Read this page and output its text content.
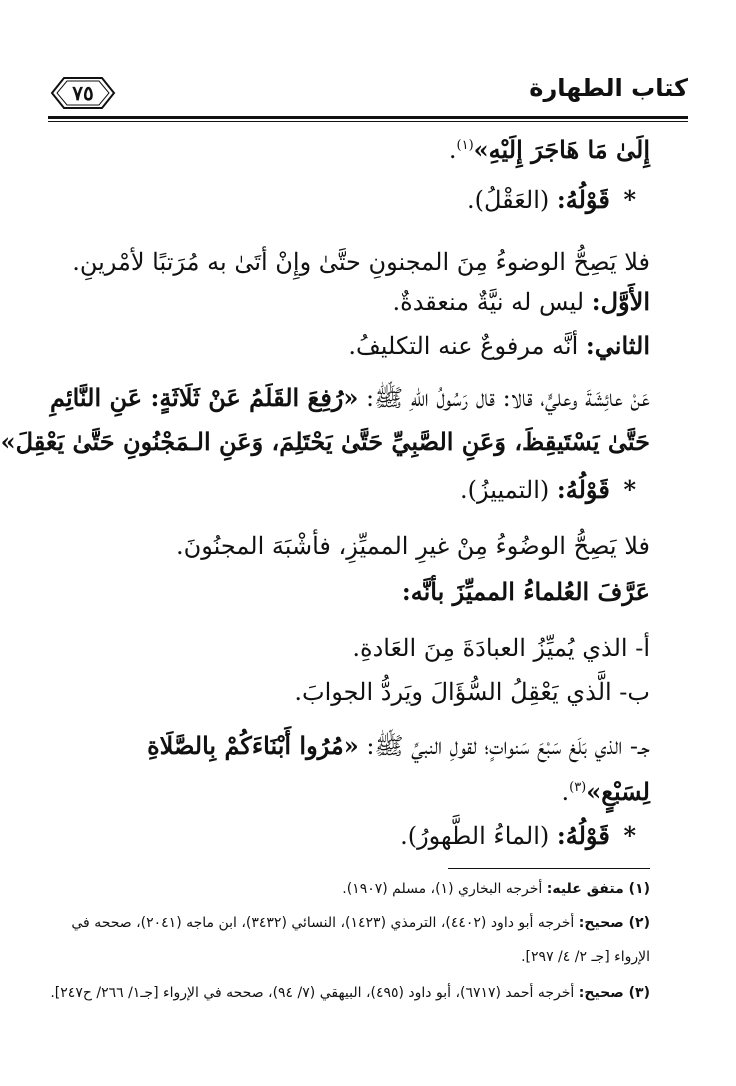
كتاب الطهارة
٧٥
إِلَىٰ مَا هَاجَرَ إِلَيْهِ»$^{(١)}$.
* قَوْلُهُ: (العَقْلُ).
فلا يَصِحُّ الوضوءُ مِنَ المجنونِ حتَّىٰ وإِنْ أتَىٰ به مُرَتبًا لأمْرينِ.
الأَوَّل: ليس له نيَّةٌ منعقدةٌ.
الثاني: أنَّه مرفوعٌ عنه التكليفُ.
عَنْ عائِشَةَ وعليٍّ، قالا: قال رَسُولُ اللهِ ﷺ: «رُفِعَ القَلَمُ عَنْ ثَلَاثَةٍ: عَنِ النَّائِمِ
حَتَّىٰ يَسْتَيقِظَ، وَعَنِ الصَّبِيِّ حَتَّىٰ يَحْتَلِمَ، وَعَنِ الـمَجْنُونِ حَتَّىٰ يَعْقِلَ»
* قَوْلُهُ: (التمييزُ).
فلا يَصِحُّ الوضُوءُ مِنْ غيرِ المميِّزِ، فأشْبَهَ المجنُونَ.
عَرَّفَ العُلماءُ المميِّزَ بأنَّه:
أ- الذي يُميِّزُ العبادَةَ مِنَ العَادةِ.
ب- الَّذي يَعْقِلُ السُّؤَالَ ويَردُّ الجوابَ.
جـ- الذي بَلَغ سَبْعَ سَنواتٍ؛ لقولِ النبيِّ ﷺ: «مُرُوا أَبْنَاءَكُمْ بِالصَّلَاةِ
لِسَبْعٍ»$^{(٣)}$.
* قَوْلُهُ: (الماءُ الطَّهورُ).
(١) متفق عليه: أخرجه البخاري (١)، مسلم (١٩٠٧).
(٢) صحيح: أخرجه أبو داود (٤٤٠٢)، الترمذي (١٤٢٣)، النسائي (٣٤٣٢)، ابن ماجه (٢٠٤١)، صححه في
الإرواء [جـ ٢/ ٤/ ٢٩٧].
(٣) صحيح: أخرجه أحمد (٦٧١٧)، أبو داود (٤٩٥)، البيهقي (٧/ ٩٤)، صححه في الإرواء [جـ١/ ٢٦٦/ ح٢٤٧].
